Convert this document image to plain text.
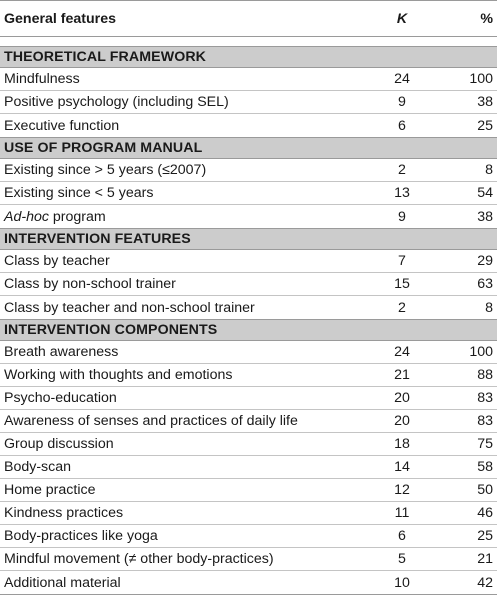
General features	K	%
THEORETICAL FRAMEWORK
Mindfulness	24	100
Positive psychology (including SEL)	9	38
Executive function	6	25
USE OF PROGRAM MANUAL
Existing since > 5 years (≤2007)	2	8
Existing since < 5 years	13	54
Ad-hoc program	9	38
INTERVENTION FEATURES
Class by teacher	7	29
Class by non-school trainer	15	63
Class by teacher and non-school trainer	2	8
INTERVENTION COMPONENTS
Breath awareness	24	100
Working with thoughts and emotions	21	88
Psycho-education	20	83
Awareness of senses and practices of daily life	20	83
Group discussion	18	75
Body-scan	14	58
Home practice	12	50
Kindness practices	11	46
Body-practices like yoga	6	25
Mindful movement (≠ other body-practices)	5	21
Additional material	10	42
